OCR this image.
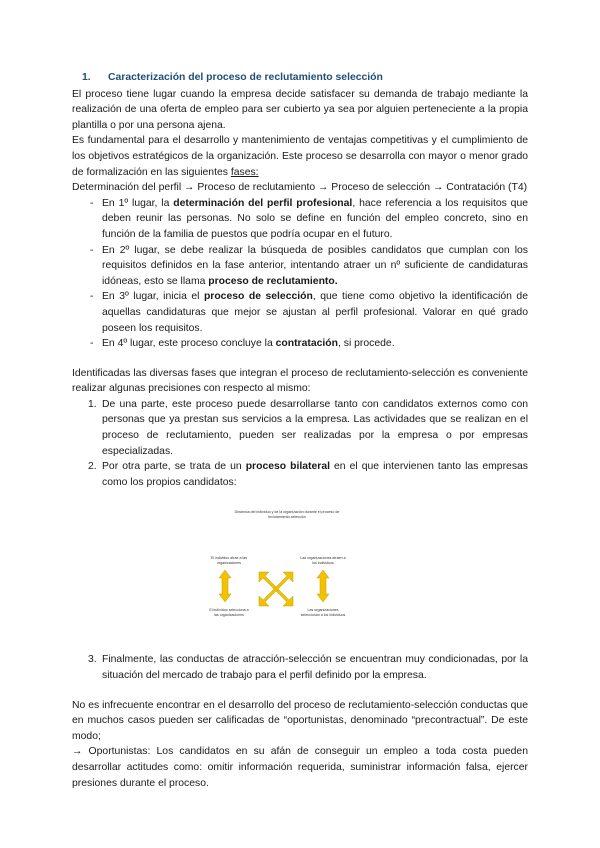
1. Caracterización del proceso de reclutamiento selección

El proceso tiene lugar cuando la empresa decide satisfacer su demanda de trabajo mediante la realización de una oferta de empleo para ser cubierto ya sea por alguien perteneciente a la propia plantilla o por una persona ajena.

Es fundamental para el desarrollo y mantenimiento de ventajas competitivas y el cumplimiento de los objetivos estratégicos de la organización. Este proceso se desarrolla con mayor o menor grado de formalización en las siguientes fases:

Determinación del perfil → Proceso de reclutamiento → Proceso de selección → Contratación (T4)

- En 1º lugar, la determinación del perfil profesional, hace referencia a los requisitos que deben reunir las personas. No solo se define en función del empleo concreto, sino en función de la familia de puestos que podría ocupar en el futuro.
- En 2º lugar, se debe realizar la búsqueda de posibles candidatos que cumplan con los requisitos definidos en la fase anterior, intentando atraer un nº suficiente de candidaturas idóneas, esto se llama proceso de reclutamiento.
- En 3º lugar, inicia el proceso de selección, que tiene como objetivo la identificación de aquellas candidaturas que mejor se ajustan al perfil profesional. Valorar en qué grado poseen los requisitos.
- En 4º lugar, este proceso concluye la contratación, si procede.

Identificadas las diversas fases que integran el proceso de reclutamiento-selección es conveniente realizar algunas precisiones con respecto al mismo:

1. De una parte, este proceso puede desarrollarse tanto con candidatos externos como con personas que ya prestan sus servicios a la empresa. Las actividades que se realizan en el proceso de reclutamiento, pueden ser realizadas por la empresa o por empresas especializadas.
2. Por otra parte, se trata de un proceso bilateral en el que intervienen tanto las empresas como los propios candidatos:
Dinámica del individuo y de la organización durante el proceso de reclutamiento-selección
El individuo atrae a las organizaciones
Las organizaciones atraen a los individuos
El individuo selecciona a las organizaciones
Las organizaciones seleccionan a los individuos
3. Finalmente, las conductas de atracción-selección se encuentran muy condicionadas, por la situación del mercado de trabajo para el perfil definido por la empresa.

No es infrecuente encontrar en el desarrollo del proceso de reclutamiento-selección conductas que en muchos casos pueden ser calificadas de “oportunistas, denominado “precontractual”. De este modo;

→ Oportunistas: Los candidatos en su afán de conseguir un empleo a toda costa pueden desarrollar actitudes como: omitir información requerida, suministrar información falsa, ejercer presiones durante el proceso.
